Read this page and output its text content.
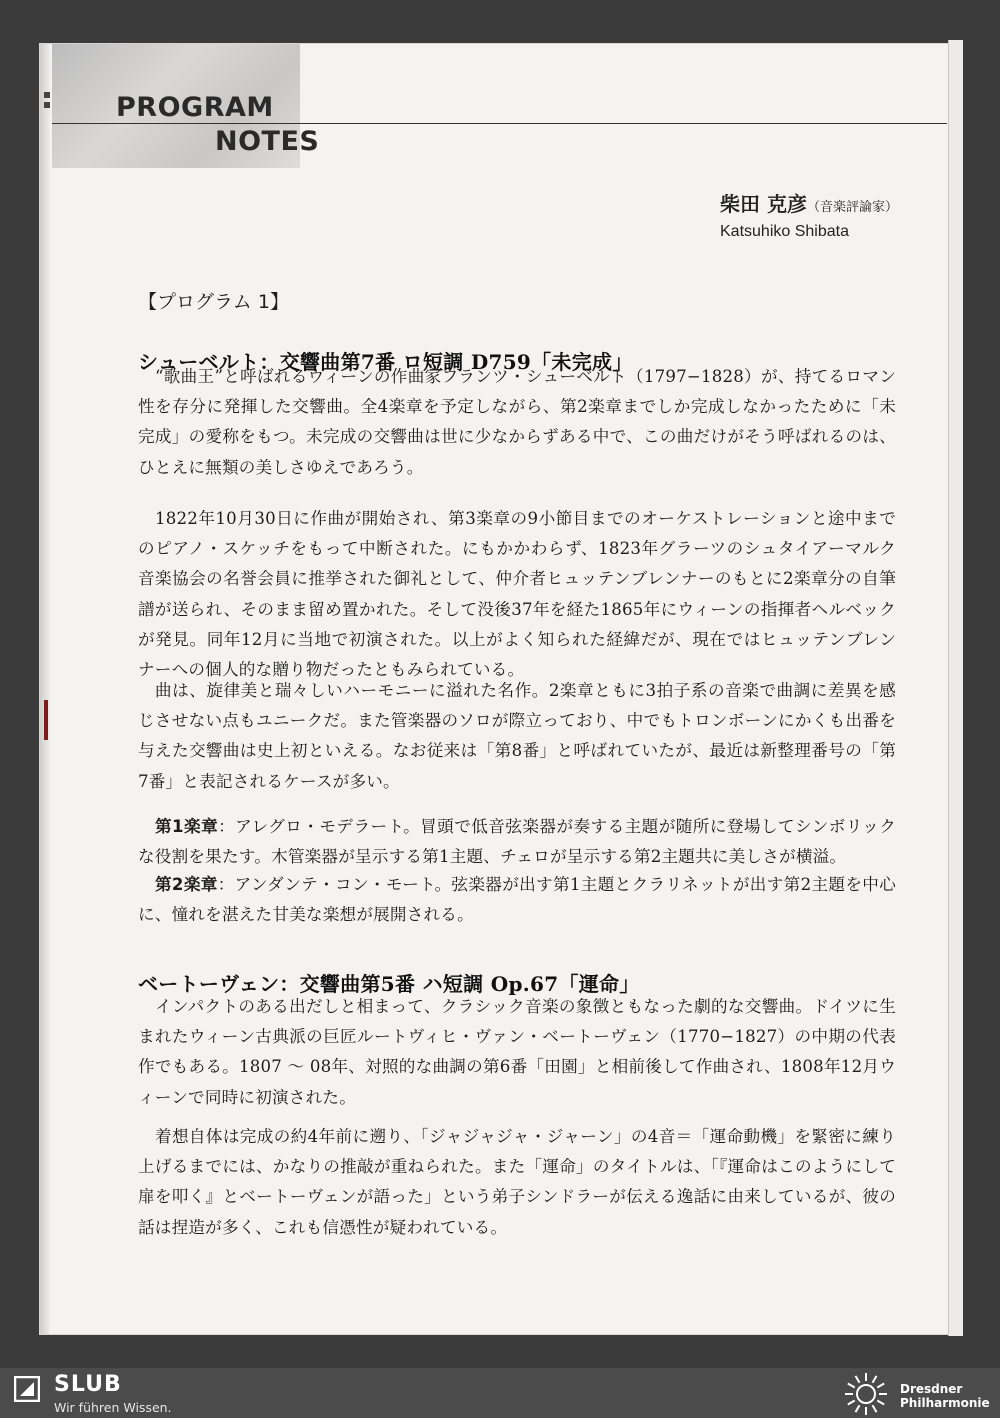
PROGRAM
NOTES
柴田 克彦（音楽評論家）
Katsuhiko Shibata
【プログラム 1】
シューベルト：交響曲第7番 ロ短調 D759「未完成」

“歌曲王”と呼ばれるウィーンの作曲家フランツ・シューベルト（1797−1828）が、持てるロマン性を存分に発揮した交響曲。全4楽章を予定しながら、第2楽章までしか完成しなかったために「未完成」の愛称をもつ。未完成の交響曲は世に少なからずある中で、この曲だけがそう呼ばれるのは、ひとえに無類の美しさゆえであろう。

1822年10月30日に作曲が開始され、第3楽章の9小節目までのオーケストレーションと途中までのピアノ・スケッチをもって中断された。にもかかわらず、1823年グラーツのシュタイアーマルク音楽協会の名誉会員に推挙された御礼として、仲介者ヒュッテンブレンナーのもとに2楽章分の自筆譜が送られ、そのまま留め置かれた。そして没後37年を経た1865年にウィーンの指揮者ヘルベックが発見。同年12月に当地で初演された。以上がよく知られた経緯だが、現在ではヒュッテンブレンナーへの個人的な贈り物だったともみられている。

曲は、旋律美と瑞々しいハーモニーに溢れた名作。2楽章ともに3拍子系の音楽で曲調に差異を感じさせない点もユニークだ。また管楽器のソロが際立っており、中でもトロンボーンにかくも出番を与えた交響曲は史上初といえる。なお従来は「第8番」と呼ばれていたが、最近は新整理番号の「第7番」と表記されるケースが多い。

第1楽章：アレグロ・モデラート。冒頭で低音弦楽器が奏する主題が随所に登場してシンボリックな役割を果たす。木管楽器が呈示する第1主題、チェロが呈示する第2主題共に美しさが横溢。

第2楽章：アンダンテ・コン・モート。弦楽器が出す第1主題とクラリネットが出す第2主題を中心に、憧れを湛えた甘美な楽想が展開される。

ベートーヴェン：交響曲第5番 ハ短調 Op.67「運命」

インパクトのある出だしと相まって、クラシック音楽の象徴ともなった劇的な交響曲。ドイツに生まれたウィーン古典派の巨匠ルートヴィヒ・ヴァン・ベートーヴェン（1770−1827）の中期の代表作でもある。1807 〜 08年、対照的な曲調の第6番「田園」と相前後して作曲され、1808年12月ウィーンで同時に初演された。

着想自体は完成の約4年前に遡り、「ジャジャジャ・ジャーン」の4音＝「運命動機」を緊密に練り上げるまでには、かなりの推敲が重ねられた。また「運命」のタイトルは、「『運命はこのようにして扉を叩く』とベートーヴェンが語った」という弟子シンドラーが伝える逸話に由来しているが、彼の話は捏造が多く、これも信憑性が疑われている。

SLUB
Wir führen Wissen.
Dresdner
Philharmonie
